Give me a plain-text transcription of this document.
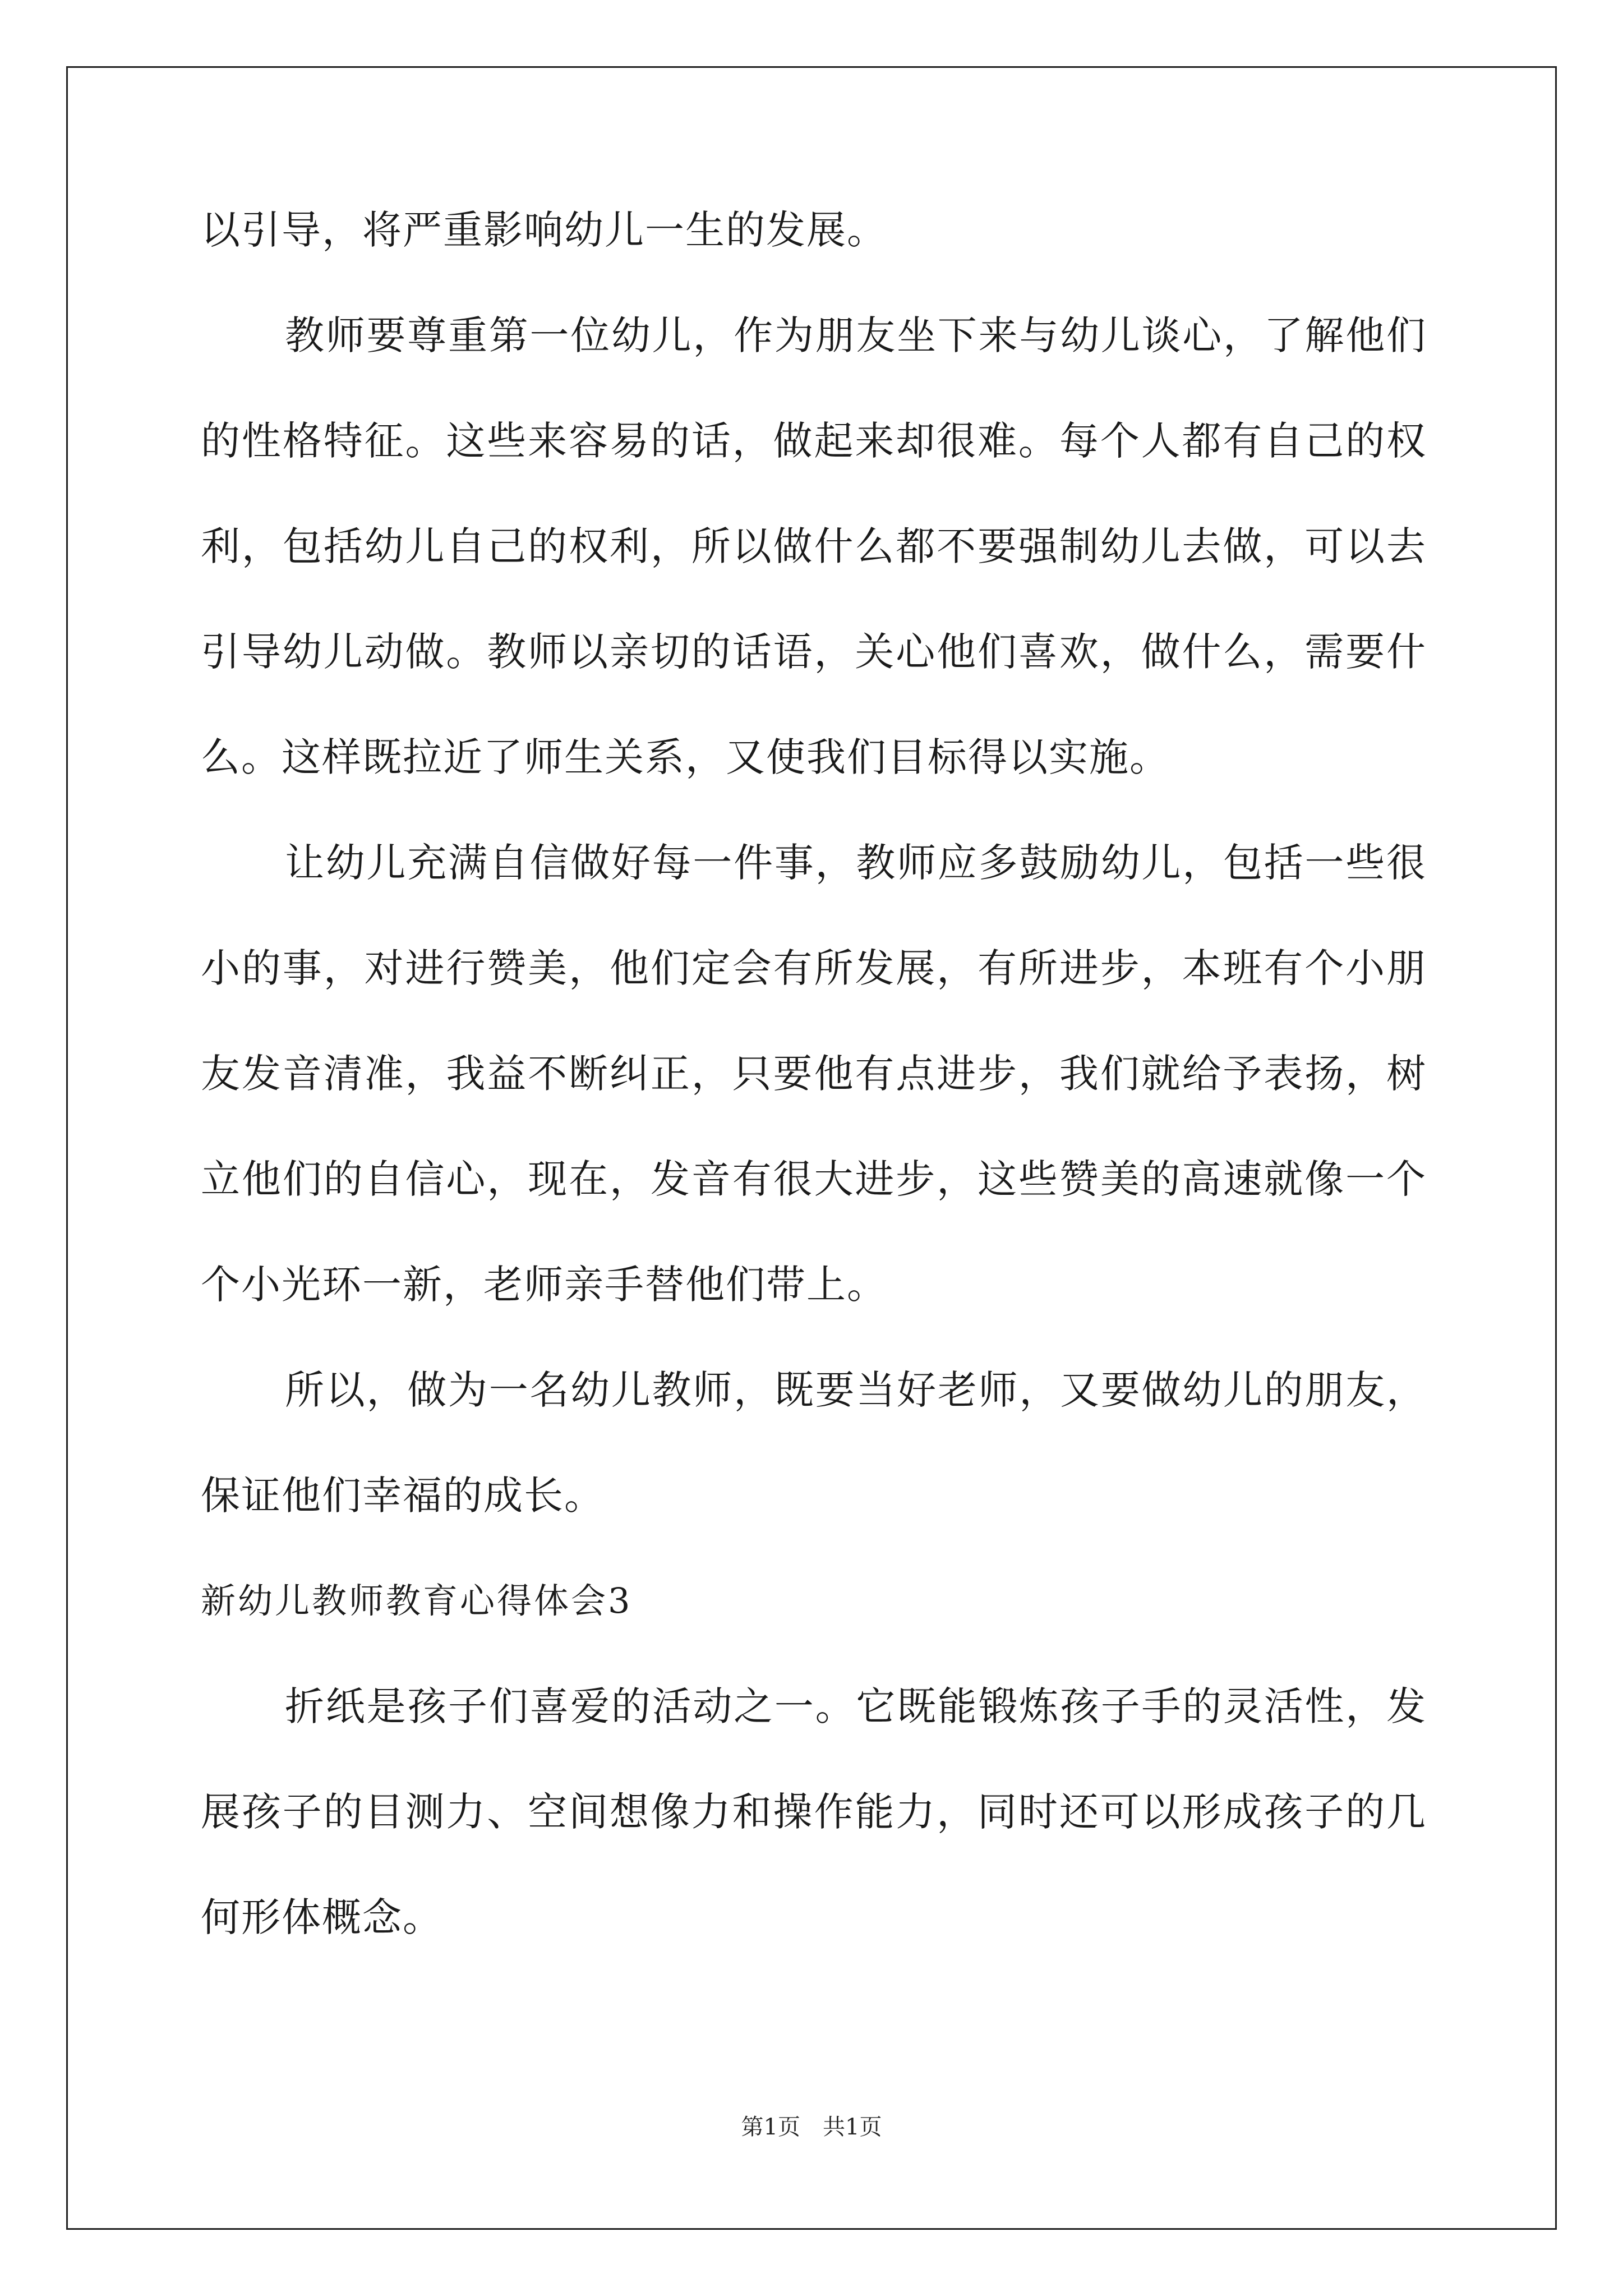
以引导，将严重影响幼儿一生的发展。
教师要尊重第一位幼儿，作为朋友坐下来与幼儿谈心，了解他们
的性格特征。这些来容易的话，做起来却很难。每个人都有自己的权
利，包括幼儿自己的权利，所以做什么都不要强制幼儿去做，可以去
引导幼儿动做。教师以亲切的话语，关心他们喜欢，做什么，需要什
么。这样既拉近了师生关系，又使我们目标得以实施。
让幼儿充满自信做好每一件事，教师应多鼓励幼儿，包括一些很
小的事，对进行赞美，他们定会有所发展，有所进步，本班有个小朋
友发音清准，我益不断纠正，只要他有点进步，我们就给予表扬，树
立他们的自信心，现在，发音有很大进步，这些赞美的高速就像一个
个小光环一新，老师亲手替他们带上。
所以，做为一名幼儿教师，既要当好老师，又要做幼儿的朋友，
保证他们幸福的成长。
新幼儿教师教育心得体会3
折纸是孩子们喜爱的活动之一。它既能锻炼孩子手的灵活性，发
展孩子的目测力、空间想像力和操作能力，同时还可以形成孩子的几
何形体概念。
第1页　共1页
